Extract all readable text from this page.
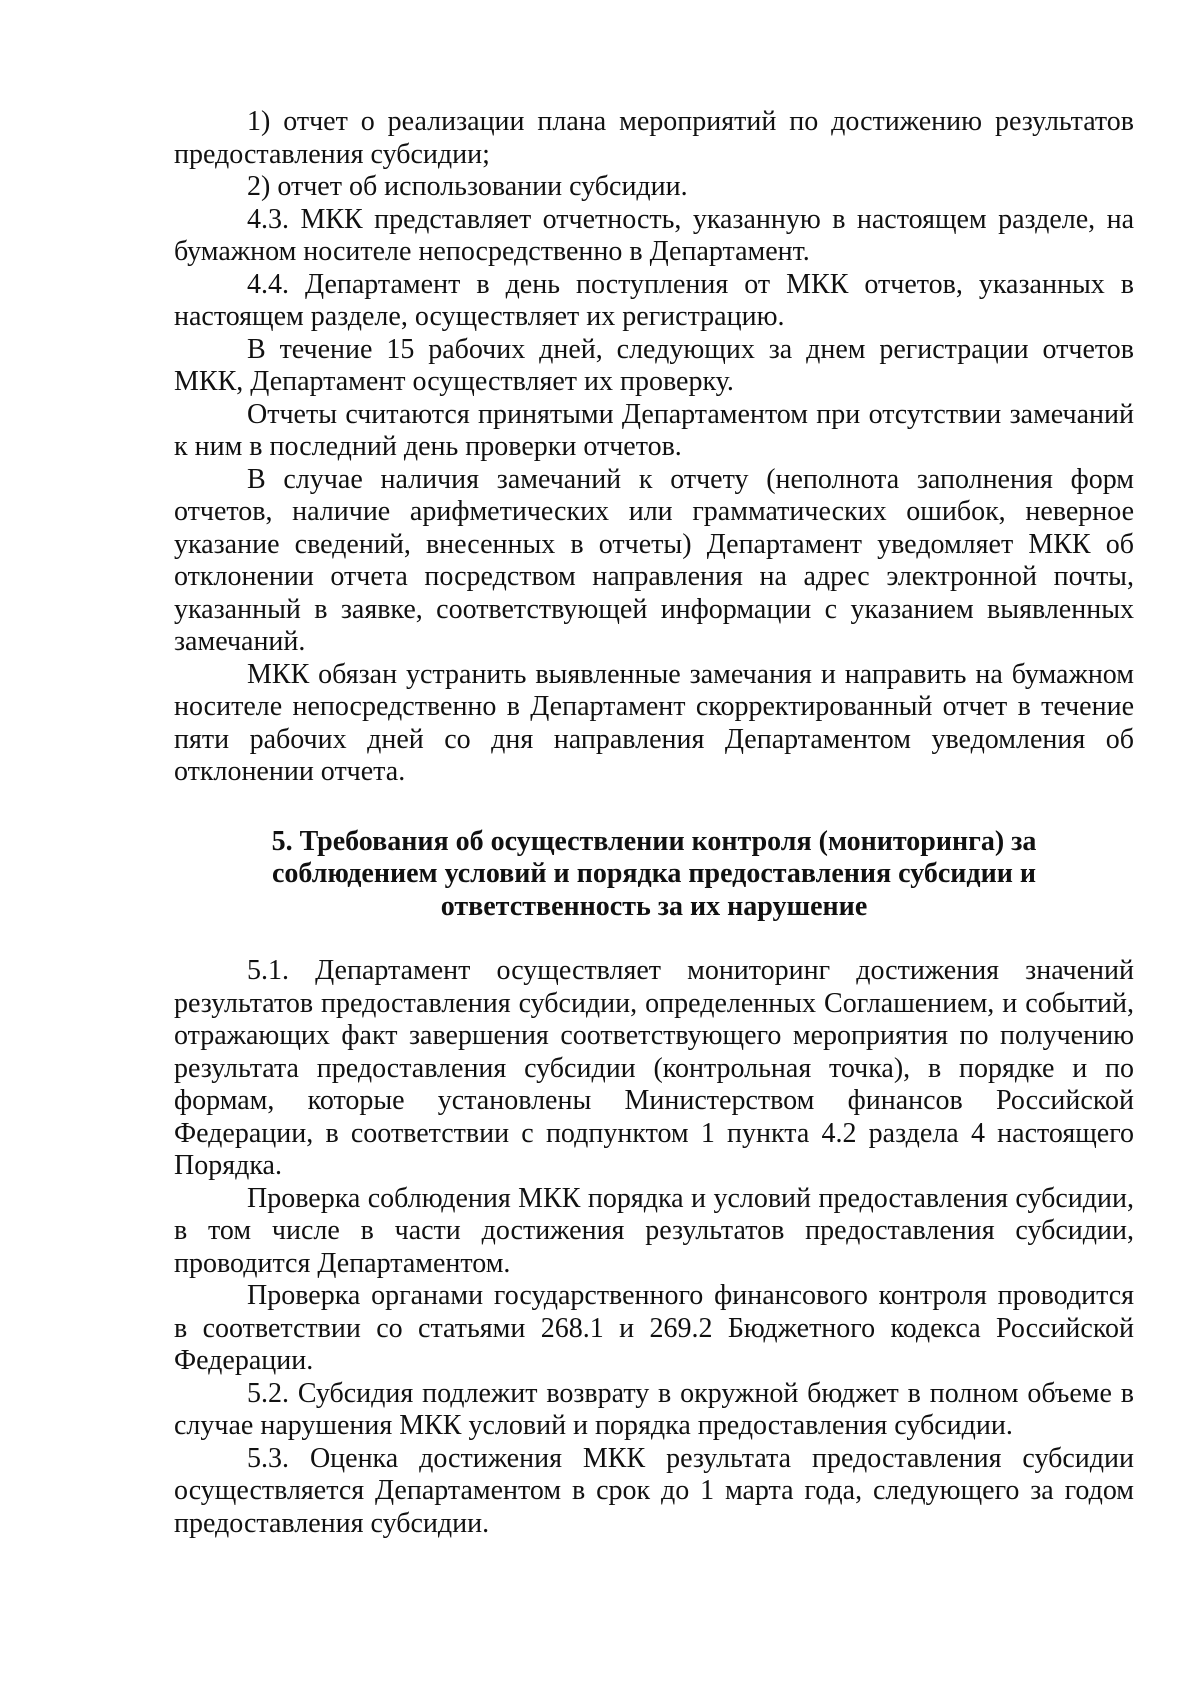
1) отчет о реализации плана мероприятий по достижению результатов предоставления субсидии;

2) отчет об использовании субсидии.

4.3. МКК представляет отчетность, указанную в настоящем разделе, на бумажном носителе непосредственно в Департамент.

4.4. Департамент в день поступления от МКК отчетов, указанных в настоящем разделе, осуществляет их регистрацию.

В течение 15 рабочих дней, следующих за днем регистрации отчетов МКК, Департамент осуществляет их проверку.

Отчеты считаются принятыми Департаментом при отсутствии замечаний к ним в последний день проверки отчетов.

В случае наличия замечаний к отчету (неполнота заполнения форм отчетов, наличие арифметических или грамматических ошибок, неверное указание сведений, внесенных в отчеты) Департамент уведомляет МКК об отклонении отчета посредством направления на адрес электронной почты, указанный в заявке, соответствующей информации с указанием выявленных замечаний.

МКК обязан устранить выявленные замечания и направить на бумажном носителе непосредственно в Департамент скорректированный отчет в течение пяти рабочих дней со дня направления Департаментом уведомления об отклонении отчета.

5. Требования об осуществлении контроля (мониторинга) за
соблюдением условий и порядка предоставления субсидии и
ответственность за их нарушение

5.1. Департамент осуществляет мониторинг достижения значений результатов предоставления субсидии, определенных Соглашением, и событий, отражающих факт завершения соответствующего мероприятия по получению результата предоставления субсидии (контрольная точка), в порядке и по формам, которые установлены Министерством финансов Российской Федерации, в соответствии с подпунктом 1 пункта 4.2 раздела 4 настоящего Порядка.

Проверка соблюдения МКК порядка и условий предоставления субсидии, в том числе в части достижения результатов предоставления субсидии, проводится Департаментом.

Проверка органами государственного финансового контроля проводится в соответствии со статьями 268.1 и 269.2 Бюджетного кодекса Российской Федерации.

5.2. Субсидия подлежит возврату в окружной бюджет в полном объеме в случае нарушения МКК условий и порядка предоставления субсидии.

5.3. Оценка достижения МКК результата предоставления субсидии осуществляется Департаментом в срок до 1 марта года, следующего за годом предоставления субсидии.
